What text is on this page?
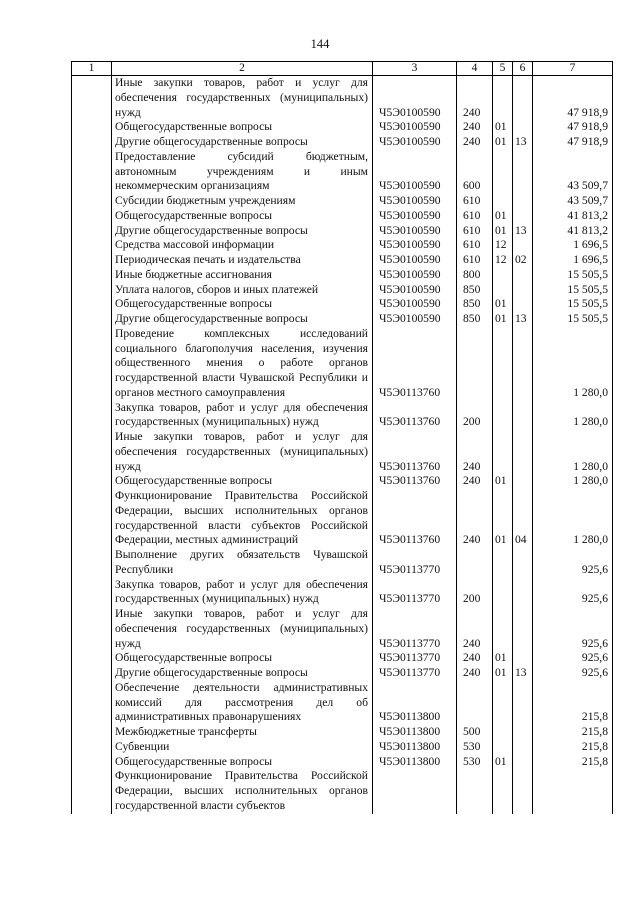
144
1	2	3	4	5	6	7
	Иные закупки товаров, работ и услуг для обеспечения государственных (муниципальных) нужд	Ч5Э0100590	240			47 918,9
	Общегосударственные вопросы	Ч5Э0100590	240	01		47 918,9
	Другие общегосударственные вопросы	Ч5Э0100590	240	01	13	47 918,9
	Предоставление субсидий бюджетным, автономным учреждениям и иным некоммерческим организациям	Ч5Э0100590	600			43 509,7
	Субсидии бюджетным учреждениям	Ч5Э0100590	610			43 509,7
	Общегосударственные вопросы	Ч5Э0100590	610	01		41 813,2
	Другие общегосударственные вопросы	Ч5Э0100590	610	01	13	41 813,2
	Средства массовой информации	Ч5Э0100590	610	12		1 696,5
	Периодическая печать и издательства	Ч5Э0100590	610	12	02	1 696,5
	Иные бюджетные ассигнования	Ч5Э0100590	800			15 505,5
	Уплата налогов, сборов и иных платежей	Ч5Э0100590	850			15 505,5
	Общегосударственные вопросы	Ч5Э0100590	850	01		15 505,5
	Другие общегосударственные вопросы	Ч5Э0100590	850	01	13	15 505,5
	Проведение комплексных исследований социального благополучия населения, изучения общественного мнения о работе органов государственной власти Чувашской Республики и органов местного самоуправления	Ч5Э0113760				1 280,0
	Закупка товаров, работ и услуг для обеспечения государственных (муниципальных) нужд	Ч5Э0113760	200			1 280,0
	Иные закупки товаров, работ и услуг для обеспечения государственных (муниципальных) нужд	Ч5Э0113760	240			1 280,0
	Общегосударственные вопросы	Ч5Э0113760	240	01		1 280,0
	Функционирование Правительства Российской Федерации, высших исполнительных органов государственной власти субъектов Российской Федерации, местных администраций	Ч5Э0113760	240	01	04	1 280,0
	Выполнение других обязательств Чувашской Республики	Ч5Э0113770				925,6
	Закупка товаров, работ и услуг для обеспечения государственных (муниципальных) нужд	Ч5Э0113770	200			925,6
	Иные закупки товаров, работ и услуг для обеспечения государственных (муниципальных) нужд	Ч5Э0113770	240			925,6
	Общегосударственные вопросы	Ч5Э0113770	240	01		925,6
	Другие общегосударственные вопросы	Ч5Э0113770	240	01	13	925,6
	Обеспечение деятельности административных комиссий для рассмотрения дел об административных правонарушениях	Ч5Э0113800				215,8
	Межбюджетные трансферты	Ч5Э0113800	500			215,8
	Субвенции	Ч5Э0113800	530			215,8
	Общегосударственные вопросы	Ч5Э0113800	530	01		215,8
	Функционирование Правительства Российской Федерации, высших исполнительных органов государственной власти субъектов					
